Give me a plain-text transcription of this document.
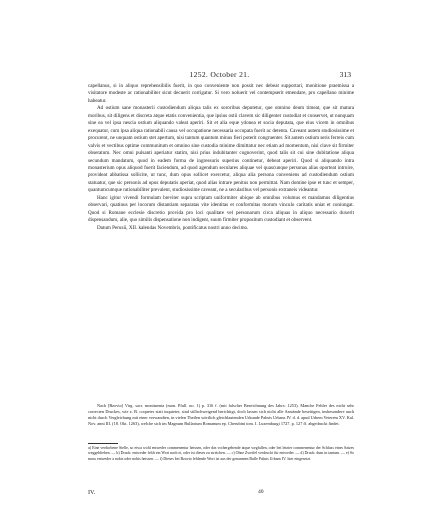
1252. October 21.	313

capellanus, si in aliquo reprehensibilis fuerit, in quo conveniente non possit nec debeat supportari, monitione praemissa a visitatore modeste ac rationabiliter sicut decuerit corrigatur. Si vero noluerit vel contempserit emendare, pro capellano minime habeatur.

Ad ostium sane monasterii custodiendum aliqua talis ex sororibus deputetur, que omnino deum timeat, que sit matura moribus, sit diligens et discreta atque etatis convenientia, que ipsius ostii clavem sic diligenter custodiat et conservet, ut nunquam sine ea vel ipsa nescia ostium aliquando valeat aperiri. Sit et alia eque ydonea et socia deputata, que eius vicem in omnibus exequatur, cum ipsa aliqua rationabili causa vel occupatione necessaria occupata fuerit ac detenta. Caveant autem studiosissime et procurent, ne unquam ostium stet apertum, nisi tantum quantum minus fieri poterit congruenter. Sit autem ostium seris ferreis cum valvis et vectibus optime communitum et omnino sine custodia minime dimittatur nec etiam ad momentum, nisi clave sit firmiter obseratum. Nec omni pulsanti aperiatur statim, nisi prius indubitanter cognoverint, quod talis sit cui sine dubitatione aliqua secundum mandatum, quod in eadem forma de ingressuris superius continetur, debeat aperiri. Quod si aliquando intra monasterium opus aliquod fuerit faciendum, ad quod agendum seculares aliquae vel quascunque personas alias oporteat introire, provideat abbatissa sollicite, ut tunc, dum opus sollicet exercetur, aliqua alia persona conveniens ad custodiendum ostium statuatur, que sic personis ad opus deputatis aperiat, quod alias intrare penitus non permittat. Nam domine ipse et tunc et semper, quantumcumque rationabiliter prevalent, studiosissime caveant, ne a secularibus vel personis extraneis videantur.

Hanc igitur vivendi formulam breviter supra scriptam uniformiter ubique ab omnibus volumus et mandamus diligentius observari, quatinus per locorum distantiam separatas vite identitas et conformitas morum vinculo caritatis uniat et coniungat. Quod si Romane ecclesie discretio provida pro loci qualitate vel personarum circa aliquas in aliquo necessario duxerit dispensandum, alie, quo similis dispensatione non indigent, suum firmiter propositum custodiant et observent.

Datum Perusii, XII. kalendas Novembris, pontificatus nostri anno decimo.

Nach [Bzovio] Virg. sacr. monimenta (mon. Pfull. no. 1) p. 316 f. (mit falscher Bezeichnung des Jahrs: 1253). Manche Fehler des nicht sehr correcten Druckes, wie z. B. coqueter statt inquieter, sind stillschweigend berichtigt, doch lassen sich nicht alle Anstände beseitigen, insbesondere auch nicht durch Vergleichung mit einer verwandten, in vielen Theilen wörtlich gleichlautenden Urkunde Pabsts Urbans IV. d. d. apud Urbem Veterem XV. Kal. Nov. anni III. (18. Okt. 1263), welche sich im Magnum Bullarium Romanum ep. Cherubini tom. I. Luxemburgi 1727. p. 127 ff. abgedruckt findet.

a) Eine verdorbene Stelle, so etwa wohl entweder commenentur heissen, oder das vorhergehende atque wegfallen, oder bei letzter commenentur der Schluss eines Satzes weggeblieben. — b) Druck: entweder fehlt ein Wort nach et, oder ist dieses zu streichen. — c) Ohne Zweifel verdruckt für entweder. — d) Druck: dum in tantum. — e) So muss entweder a nobis oder nobis heissen. — f) Dieses bei Bzovio fehlende Wort ist aus der genannten Bulle Pabsts Urbans IV. hier eingesetzt.

IV.	40
